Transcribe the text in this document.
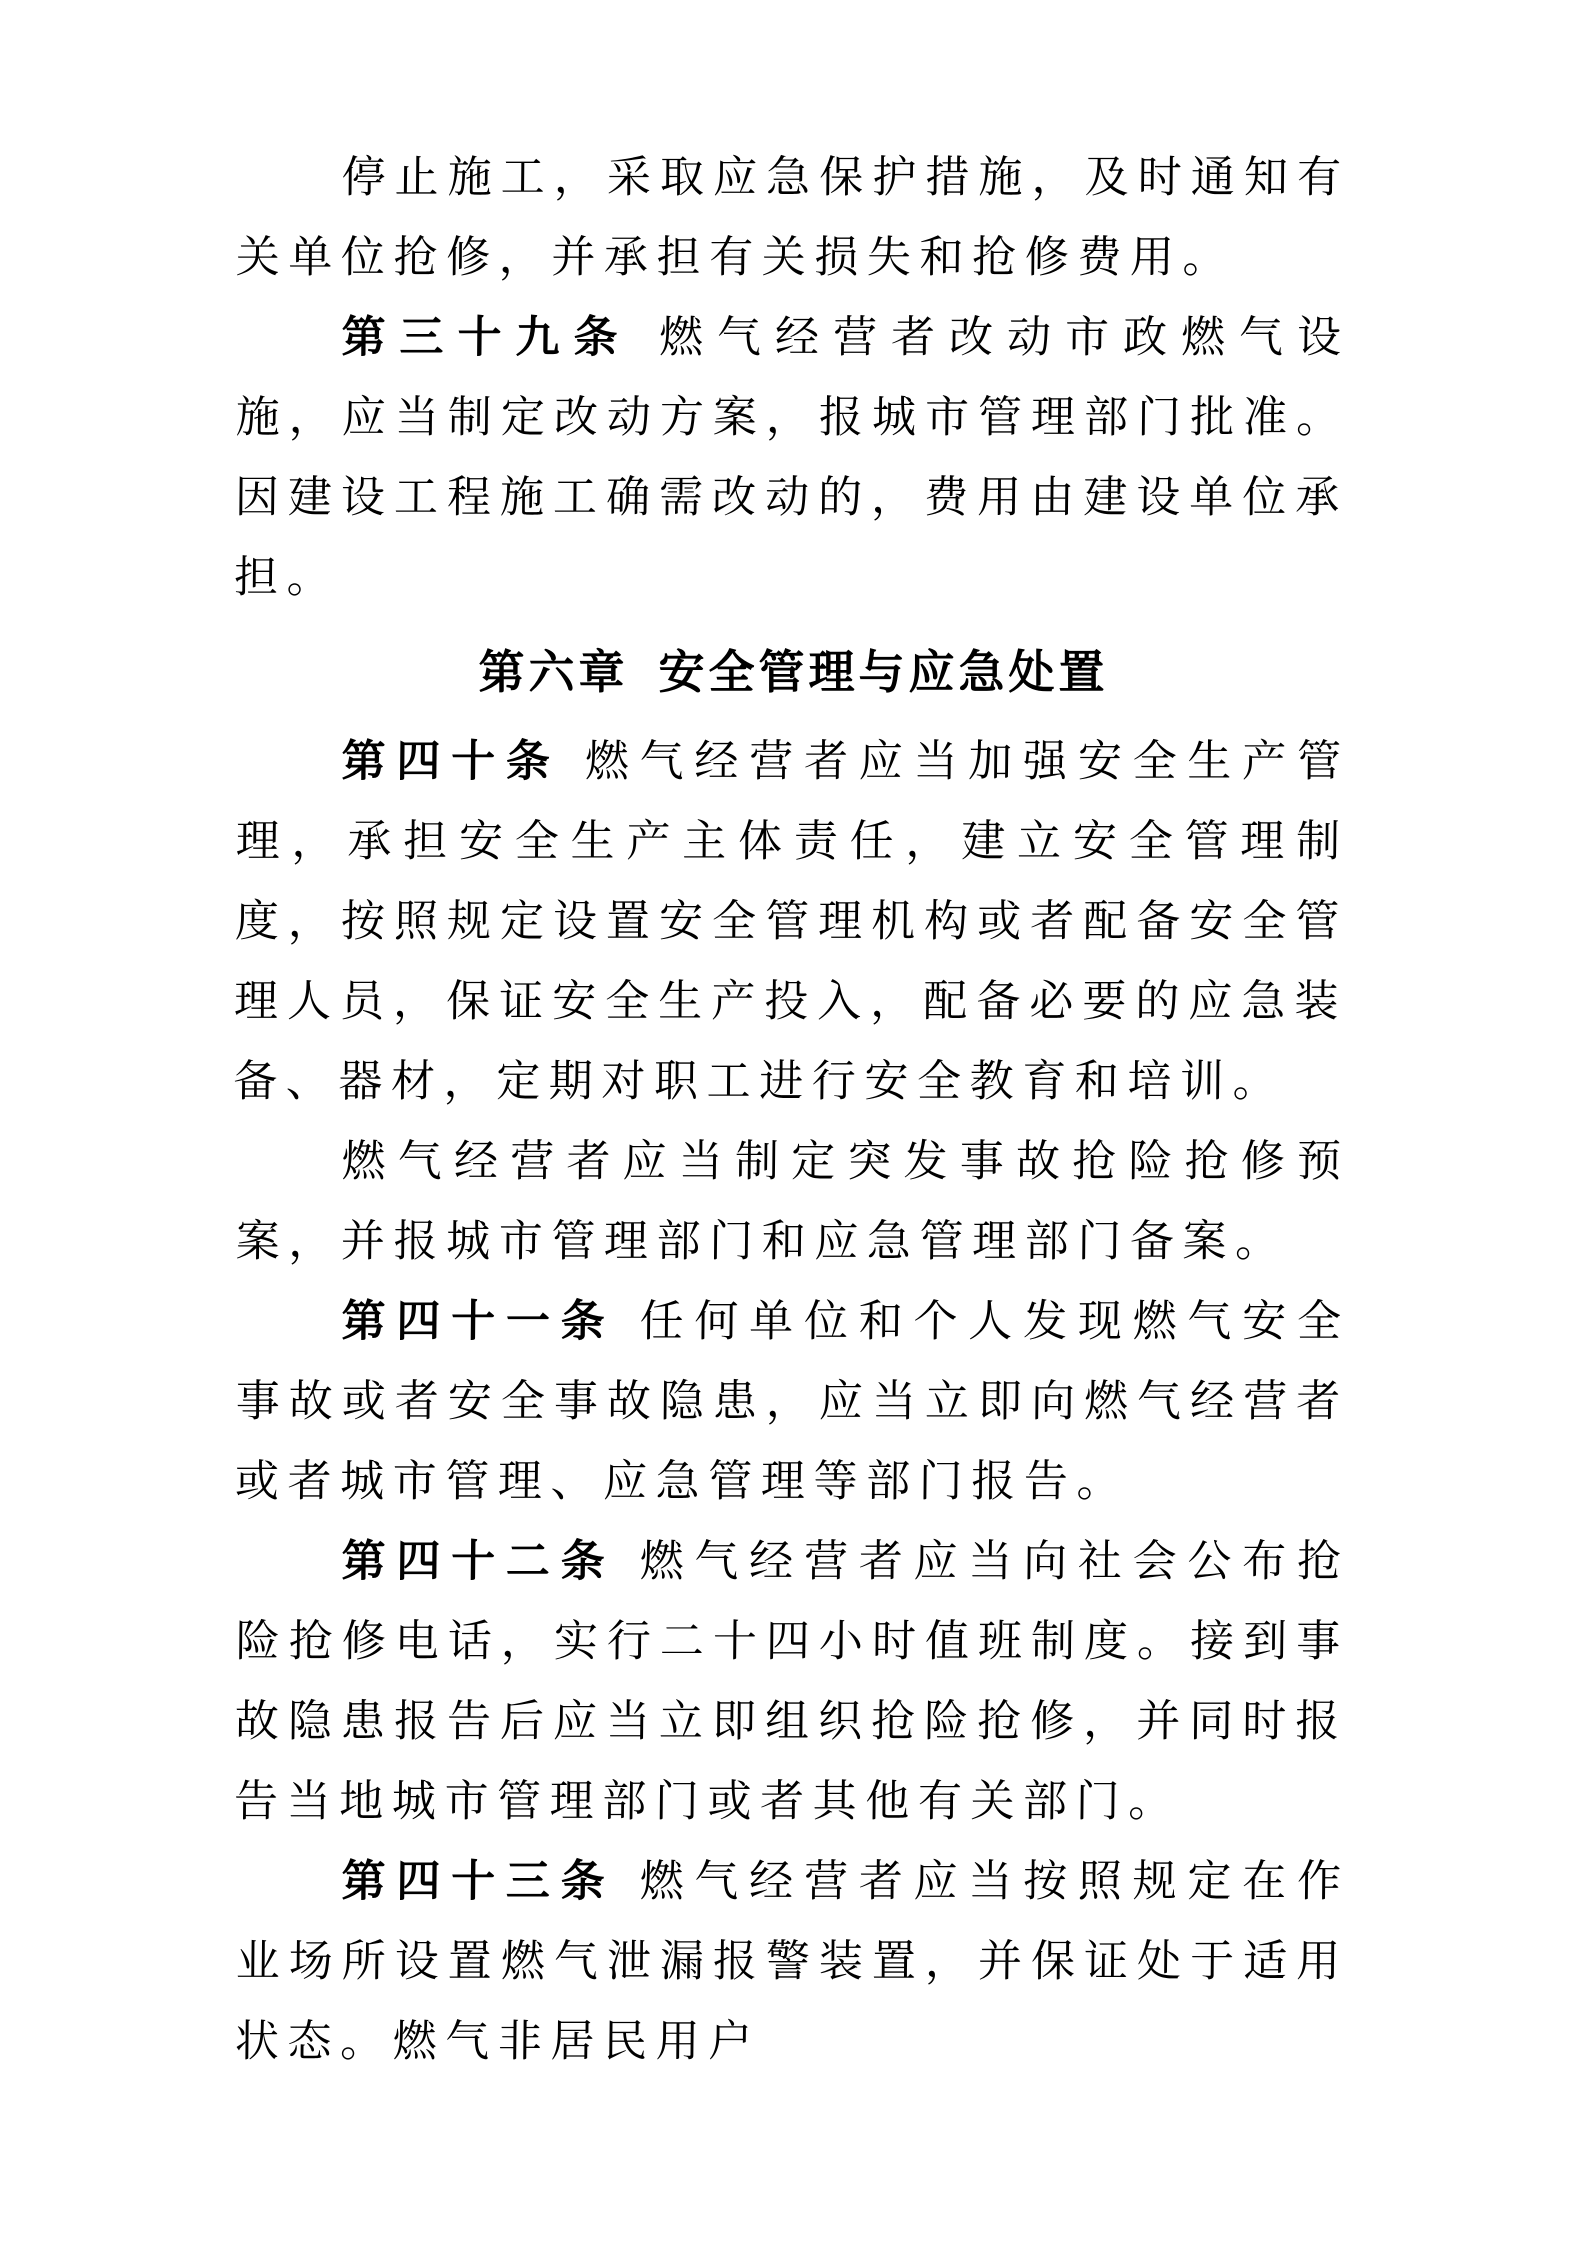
停止施工，采取应急保护措施，及时通知有关单位抢修，并承担有关损失和抢修费用。

第三十九条 燃气经营者改动市政燃气设施，应当制定改动方案，报城市管理部门批准。因建设工程施工确需改动的，费用由建设单位承担。

第六章 安全管理与应急处置

第四十条 燃气经营者应当加强安全生产管理，承担安全生产主体责任，建立安全管理制度，按照规定设置安全管理机构或者配备安全管理人员，保证安全生产投入，配备必要的应急装备、器材，定期对职工进行安全教育和培训。

燃气经营者应当制定突发事故抢险抢修预案，并报城市管理部门和应急管理部门备案。

第四十一条 任何单位和个人发现燃气安全事故或者安全事故隐患，应当立即向燃气经营者或者城市管理、应急管理等部门报告。

第四十二条 燃气经营者应当向社会公布抢险抢修电话，实行二十四小时值班制度。接到事故隐患报告后应当立即组织抢险抢修，并同时报告当地城市管理部门或者其他有关部门。

第四十三条 燃气经营者应当按照规定在作业场所设置燃气泄漏报警装置，并保证处于适用状态。燃气非居民用户
